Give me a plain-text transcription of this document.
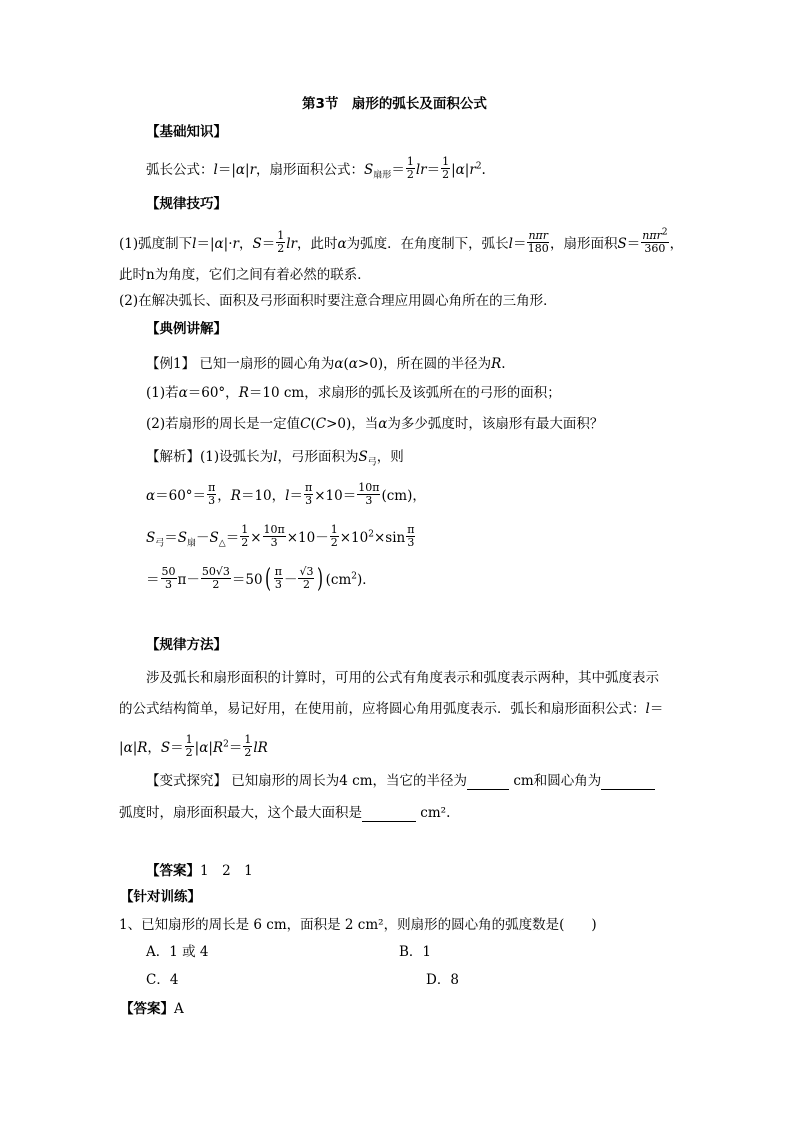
第3节　扇形的弧长及面积公式
【基础知识】
弧长公式：l＝|α|r，扇形面积公式：$S_{扇形}= \frac{1}{2} lr= \frac{1}{2} |\alpha|r^2$.
【规律技巧】
(1)弧度制下l＝|α|·r，$S= \frac{1}{2}$ lr，此时α为弧度．在角度制下，弧长$l= \frac{\text{nπr}}{180}$ ，扇形面积$S= \frac{n\pi r^2}{360}$ ，
此时n为角度，它们之间有着必然的联系．
(2)在解决弧长、面积及弓形面积时要注意合理应用圆心角所在的三角形．
【典例讲解】
【例1】 已知一扇形的圆心角为α(α>0)，所在圆的半径为R.
(1)若α＝60°，R＝10 cm，求扇形的弧长及该弧所在的弓形的面积；
(2)若扇形的周长是一定值C(C>0)，当α为多少弧度时，该扇形有最大面积？
【解析】(1)设弧长为l，弓形面积为$S_弓$，则
$\alpha=60^\circ= \frac{\pi}{3}$ ，R＝10，$l= \frac{\pi}{3} \times 10= \frac{10\pi}{3} (cm)$，
$S_弓=S_扇-S_\triangle= \frac{1}{2} \times \frac{10\pi}{3} \times 10- \frac{1}{2} \times 10^2\times\sin \frac{\pi}{3}$
＝ $\frac{50}{3} \pi- \frac{50√3}{2} =50( \frac{\pi}{3} - \frac{√3}{2}$ ) $(cm^2)$．
【规律方法】
涉及弧长和扇形面积的计算时，可用的公式有角度表示和弧度表示两种，其中弧度表示
的公式结构简单，易记好用，在使用前，应将圆心角用弧度表示．弧长和扇形面积公式：l＝
|α|R，$S= \frac{1}{2} |\alpha|R^2= \frac{1}{2}$ lR
【变式探究】 已知扇形的周长为4 cm，当它的半径为	cm和圆心角为
弧度时，扇形面积最大，这个最大面积是	cm².
【答案】1　2　1
【针对训练】
1、已知扇形的周长是 6 cm，面积是 2 cm²，则扇形的圆心角的弧度数是(　　)
A．1 或 4	B．1
C．4	D．8
【答案】A
